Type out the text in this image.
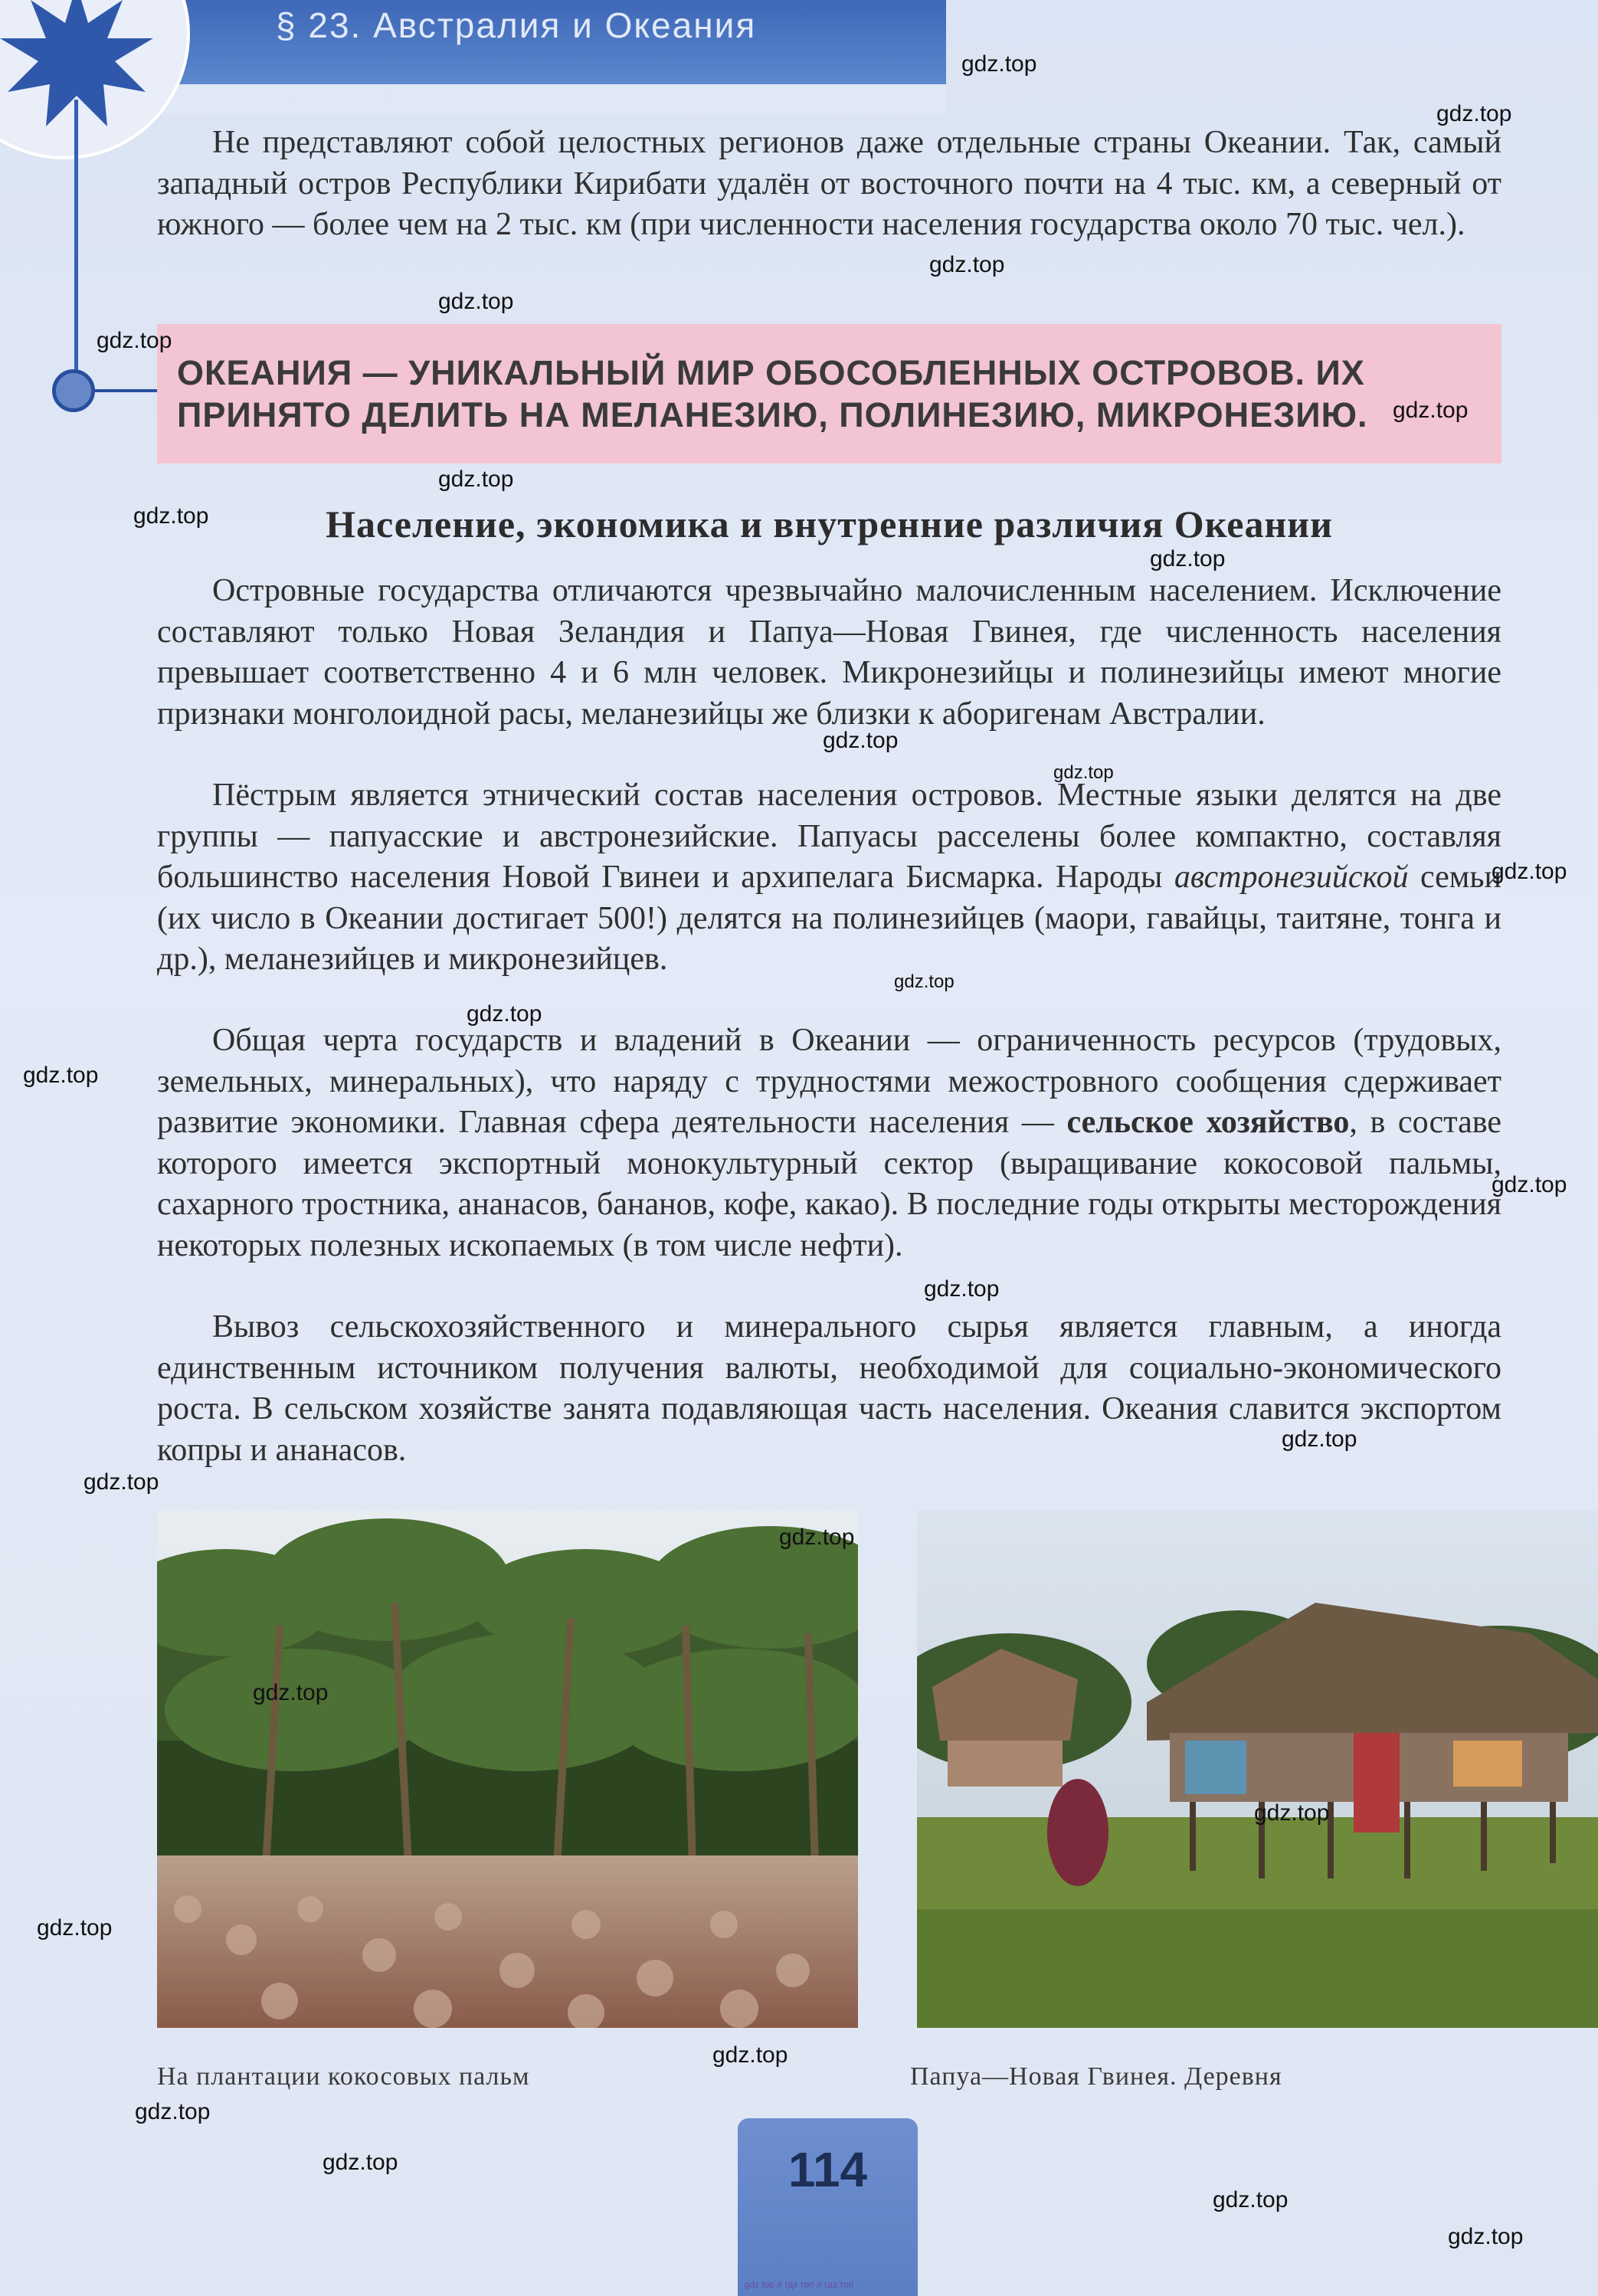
§ 23. Австралия и Океания

Не представляют собой целостных регионов даже отдельные страны Океании. Так, самый западный остров Республики Кирибати удалён от восточного почти на 4 тыс. км, а северный от южного — более чем на 2 тыс. км (при численности населения государства около 70 тыс. чел.).

ОКЕАНИЯ — УНИКАЛЬНЫЙ МИР ОБОСОБЛЕННЫХ ОСТРОВОВ. ИХ ПРИНЯТО ДЕЛИТЬ НА МЕЛАНЕЗИЮ, ПОЛИНЕЗИЮ, МИКРОНЕЗИЮ.

Население, экономика и внутренние различия Океании

Островные государства отличаются чрезвычайно малочисленным населением. Исключение составляют только Новая Зеландия и Папуа—Новая Гвинея, где численность населения превышает соответственно 4 и 6 млн человек. Микронезийцы и полинезийцы имеют многие признаки монголоидной расы, меланезийцы же близки к аборигенам Австралии.

Пёстрым является этнический состав населения островов. Местные языки делятся на две группы — папуасские и австронезийские. Папуасы расселены более компактно, составляя большинство населения Новой Гвинеи и архипелага Бисмарка. Народы австронезийской семьи (их число в Океании достигает 500!) делятся на полинезийцев (маори, гавайцы, таитяне, тонга и др.), меланезийцев и микронезийцев.

Общая черта государств и владений в Океании — ограниченность ресурсов (трудовых, земельных, минеральных), что наряду с трудностями межостровного сообщения сдерживает развитие экономики. Главная сфера деятельности населения — сельское хозяйство, в составе которого имеется экспортный монокультурный сектор (выращивание кокосовой пальмы, сахарного тростника, ананасов, бананов, кофе, какао). В последние годы открыты месторождения некоторых полезных ископаемых (в том числе нефти).

Вывоз сельскохозяйственного и минерального сырья является главным, а иногда единственным источником получения валюты, необходимой для социально-экономического роста. В сельском хозяйстве занята подавляющая часть населения. Океания славится экспортом копры и ананасов.

На плантации кокосовых пальм	Папуа—Новая Гвинея. Деревня
114
gdz.top
gdz.top
gdz.top
gdz.top
gdz.top
gdz.top
gdz.top
gdz.top
gdz.top
gdz.top
gdz.top
gdz.top
gdz.top
gdz.top
gdz.top
gdz.top
gdz.top
gdz.top
gdz.top
gdz.top
gdz.top
gdz.top
gdz.top
gdz.top
gdz.top
gdz.top
gdz.top
gdz.top
gdz top // гдз топ // гдз.топ
